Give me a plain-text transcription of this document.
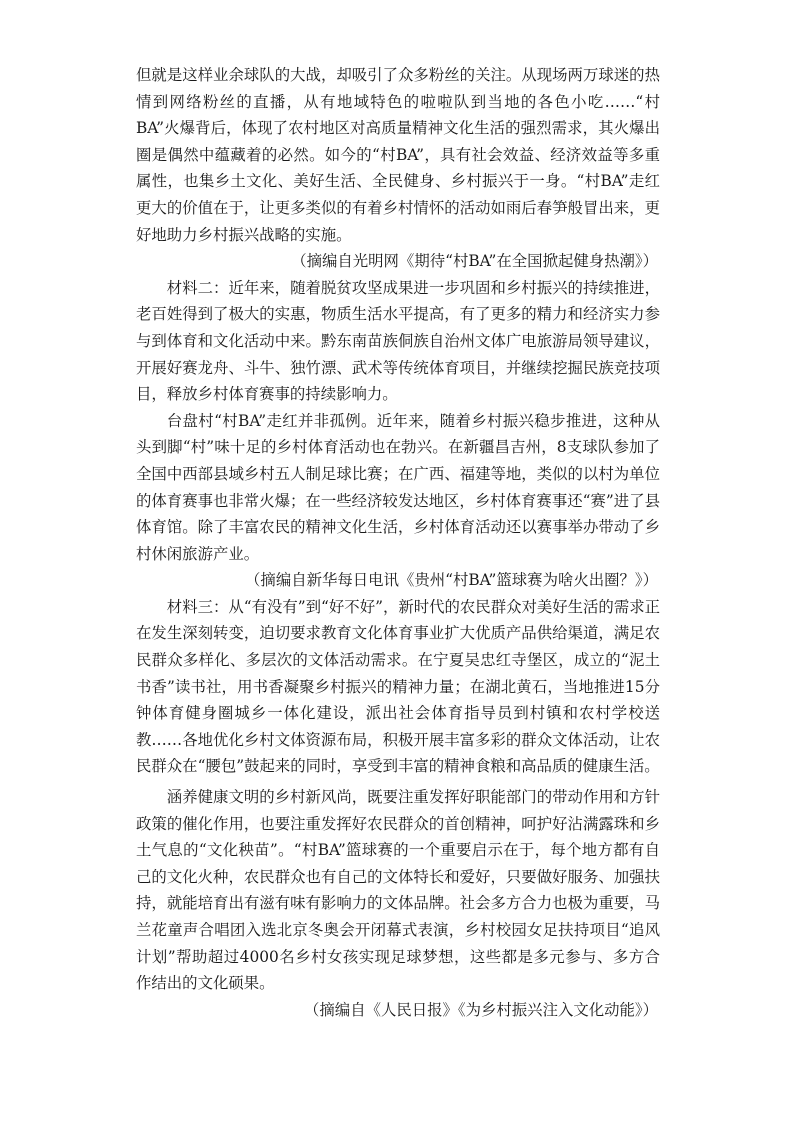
但就是这样业余球队的大战，却吸引了众多粉丝的关注。从现场两万球迷的热情到网络粉丝的直播，从有地域特色的啦啦队到当地的各色小吃……“村BA”火爆背后，体现了农村地区对高质量精神文化生活的强烈需求，其火爆出圈是偶然中蕴藏着的必然。如今的“村BA”，具有社会效益、经济效益等多重属性，也集乡土文化、美好生活、全民健身、乡村振兴于一身。“村BA”走红更大的价值在于，让更多类似的有着乡村情怀的活动如雨后春笋般冒出来，更好地助力乡村振兴战略的实施。

（摘编自光明网《期待“村BA”在全国掀起健身热潮》）

材料二：近年来，随着脱贫攻坚成果进一步巩固和乡村振兴的持续推进，老百姓得到了极大的实惠，物质生活水平提高，有了更多的精力和经济实力参与到体育和文化活动中来。黔东南苗族侗族自治州文体广电旅游局领导建议，开展好赛龙舟、斗牛、独竹漂、武术等传统体育项目，并继续挖掘民族竞技项目，释放乡村体育赛事的持续影响力。

台盘村“村BA”走红并非孤例。近年来，随着乡村振兴稳步推进，这种从头到脚“村”味十足的乡村体育活动也在勃兴。在新疆昌吉州，8支球队参加了全国中西部县域乡村五人制足球比赛；在广西、福建等地，类似的以村为单位的体育赛事也非常火爆；在一些经济较发达地区，乡村体育赛事还“赛”进了县体育馆。除了丰富农民的精神文化生活，乡村体育活动还以赛事举办带动了乡村休闲旅游产业。

（摘编自新华每日电讯《贵州“村BA”篮球赛为啥火出圈？》）

材料三：从“有没有”到“好不好”，新时代的农民群众对美好生活的需求正在发生深刻转变，迫切要求教育文化体育事业扩大优质产品供给渠道，满足农民群众多样化、多层次的文体活动需求。在宁夏吴忠红寺堡区，成立的“泥土书香”读书社，用书香凝聚乡村振兴的精神力量；在湖北黄石，当地推进15分钟体育健身圈城乡一体化建设，派出社会体育指导员到村镇和农村学校送教……各地优化乡村文体资源布局，积极开展丰富多彩的群众文体活动，让农民群众在“腰包”鼓起来的同时，享受到丰富的精神食粮和高品质的健康生活。

涵养健康文明的乡村新风尚，既要注重发挥好职能部门的带动作用和方针政策的催化作用，也要注重发挥好农民群众的首创精神，呵护好沾满露珠和乡土气息的“文化秧苗”。“村BA”篮球赛的一个重要启示在于，每个地方都有自己的文化火种，农民群众也有自己的文体特长和爱好，只要做好服务、加强扶持，就能培育出有滋有味有影响力的文体品牌。社会多方合力也极为重要，马兰花童声合唱团入选北京冬奥会开闭幕式表演，乡村校园女足扶持项目“追风计划”帮助超过4000名乡村女孩实现足球梦想，这些都是多元参与、多方合作结出的文化硕果。

（摘编自《人民日报》《为乡村振兴注入文化动能》）
